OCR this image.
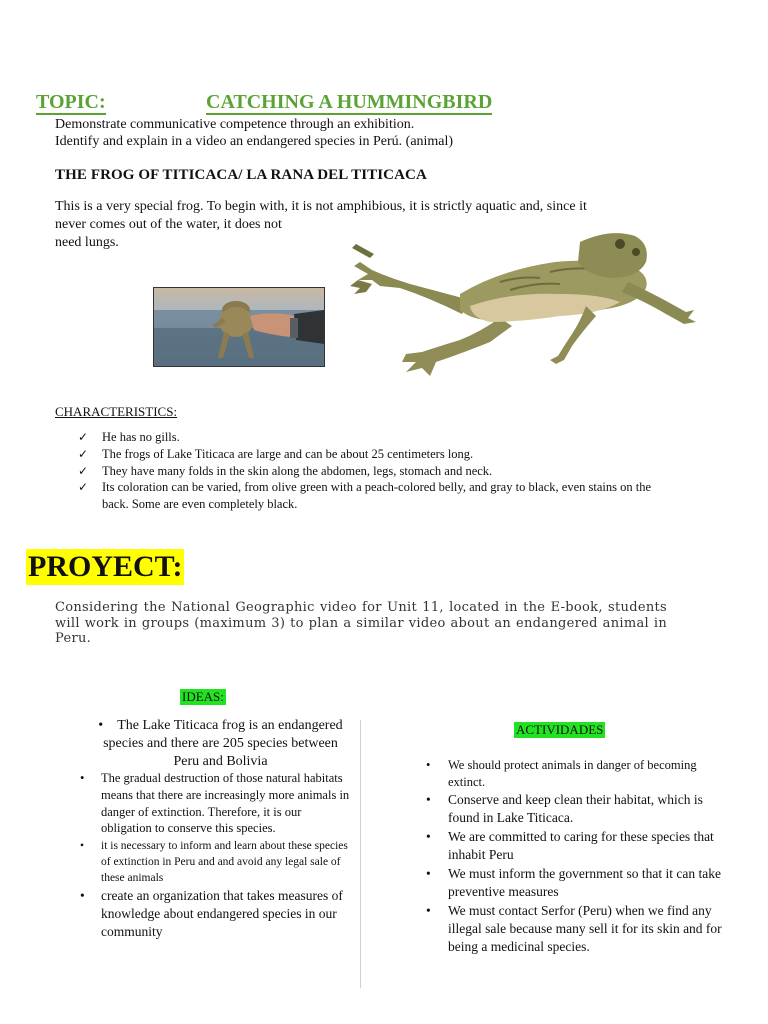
TOPIC:	CATCHING A HUMMINGBIRD
Demonstrate communicative competence through an exhibition.
Identify and explain in a video an endangered species in Perú. (animal)
THE FROG OF TITICACA/ LA RANA DEL TITICACA
This is a very special frog. To begin with, it is not amphibious, it is strictly aquatic and, since it
never comes out of the water, it does not
need lungs.
CHARACTERISTICS:
✓ He has no gills.
✓ The frogs of Lake Titicaca are large and can be about 25 centimeters long.
✓ They have many folds in the skin along the abdomen, legs, stomach and neck.
✓ Its coloration can be varied, from olive green with a peach-colored belly, and gray to black, even stains on the back. Some are even completely black.
PROYECT:
Considering the National Geographic video for Unit 11, located in the E-book, students will work in groups (maximum 3) to plan a similar video about an endangered animal in Peru.
IDEAS:
ACTIVIDADES
• The Lake Titicaca frog is an endangered species and there are 205 species between Peru and Bolivia
• The gradual destruction of those natural habitats means that there are increasingly more animals in danger of extinction. Therefore, it is our obligation to conserve this species.
• it is necessary to inform and learn about these species of extinction in Peru and and avoid any legal sale of these animals
• create an organization that takes measures of knowledge about endangered species in our community
• We should protect animals in danger of becoming extinct.
• Conserve and keep clean their habitat, which is found in Lake Titicaca.
• We are committed to caring for these species that inhabit Peru
• We must inform the government so that it can take preventive measures
• We must contact Serfor (Peru) when we find any illegal sale because many sell it for its skin and for being a medicinal species.
